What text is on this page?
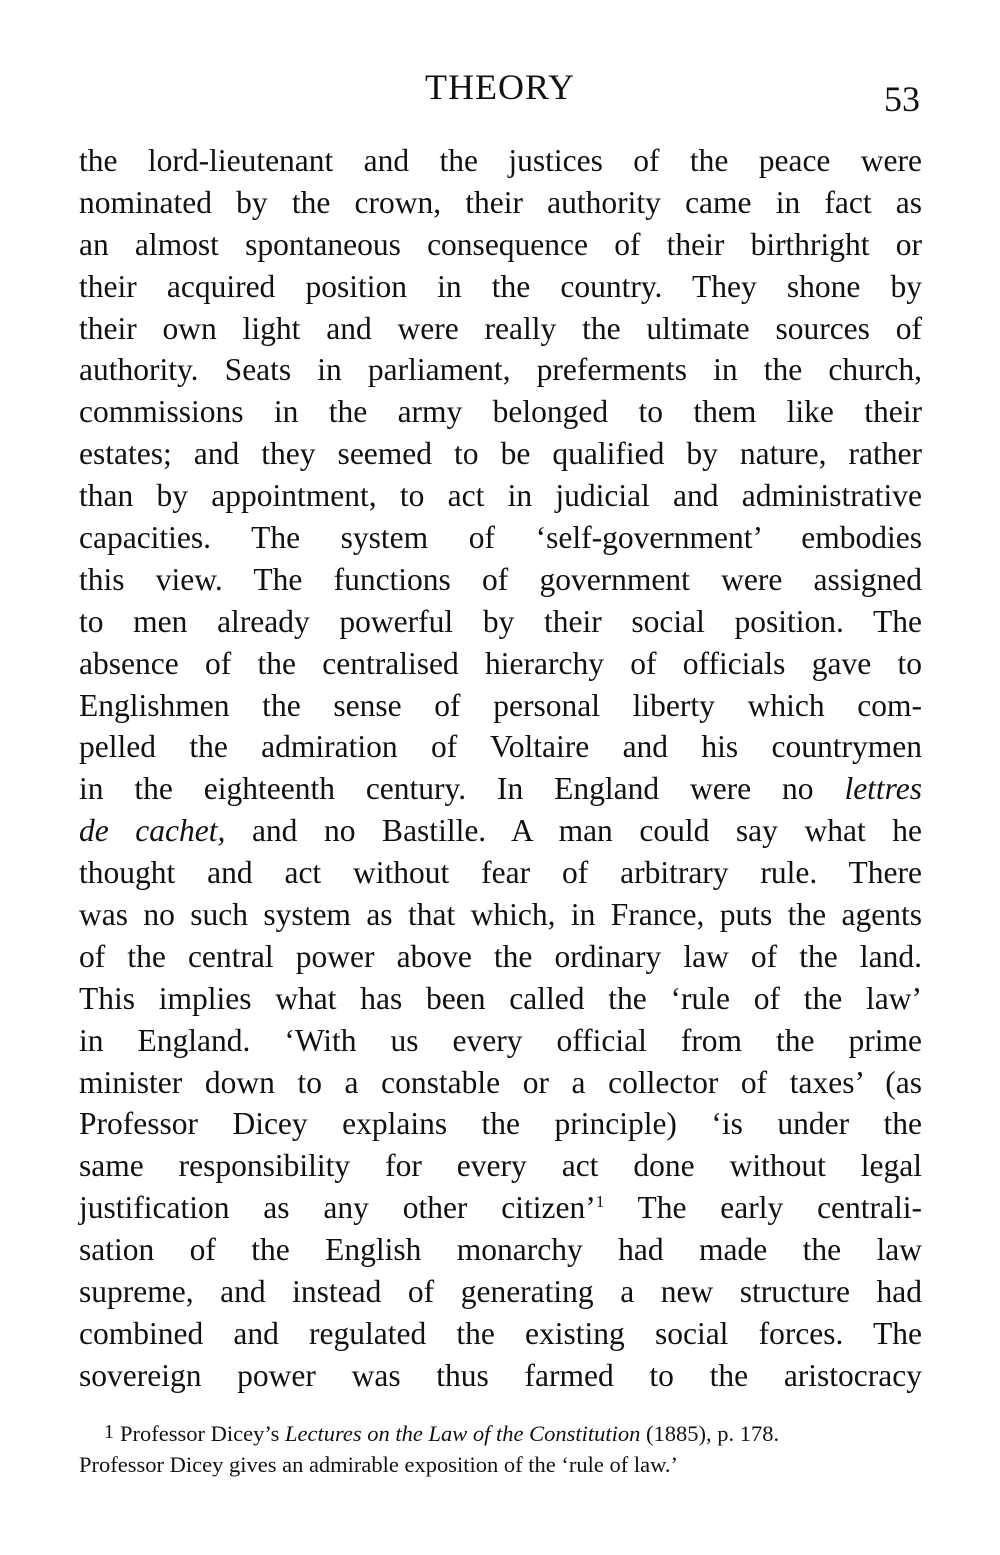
THEORY	53
the lord-lieutenant and the justices of the peace were
nominated by the crown, their authority came in fact as
an almost spontaneous consequence of their birthright or
their acquired position in the country. They shone by
their own light and were really the ultimate sources of
authority. Seats in parliament, preferments in the church,
commissions in the army belonged to them like their
estates; and they seemed to be qualified by nature, rather
than by appointment, to act in judicial and administrative
capacities. The system of ‘self-government’ embodies
this view. The functions of government were assigned
to men already powerful by their social position. The
absence of the centralised hierarchy of officials gave to
Englishmen the sense of personal liberty which com-
pelled the admiration of Voltaire and his countrymen
in the eighteenth century. In England were no lettres
de cachet, and no Bastille. A man could say what he
thought and act without fear of arbitrary rule. There
was no such system as that which, in France, puts the agents
of the central power above the ordinary law of the land.
This implies what has been called the ‘rule of the law’
in England. ‘With us every official from the prime
minister down to a constable or a collector of taxes’ (as
Professor Dicey explains the principle) ‘is under the
same responsibility for every act done without legal
justification as any other citizen’$^1$ The early centrali-
sation of the English monarchy had made the law
supreme, and instead of generating a new structure had
combined and regulated the existing social forces. The
sovereign power was thus farmed to the aristocracy
1 Professor Dicey’s Lectures on the Law of the Constitution (1885), p. 178.
Professor Dicey gives an admirable exposition of the ‘rule of law.’
